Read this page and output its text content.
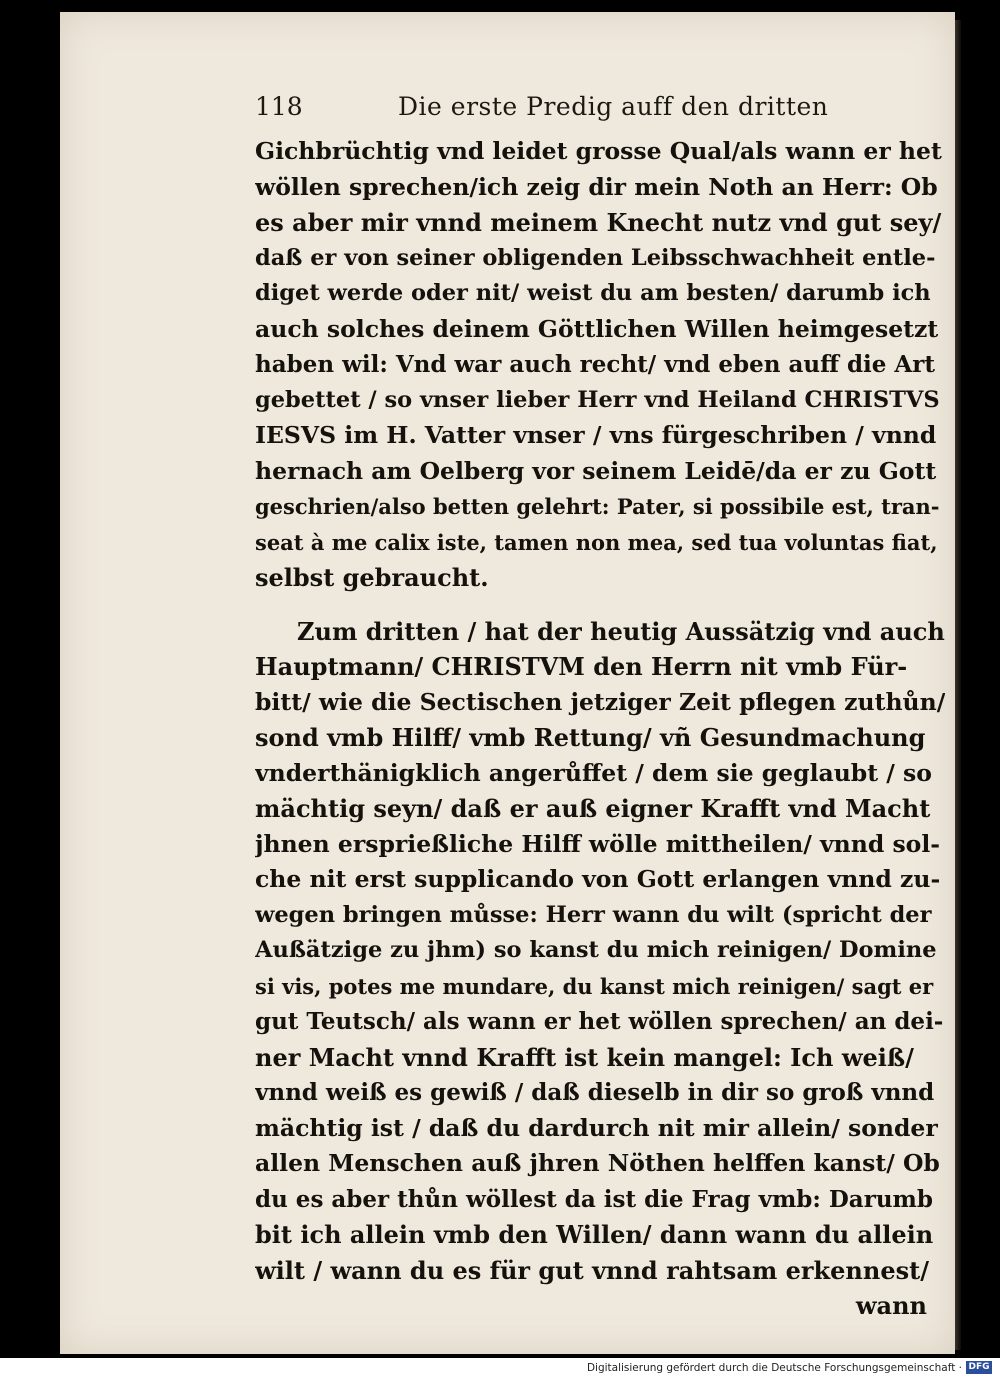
118	Die erste Predig auff den dritten
Gichbrüchtig vnd leidet grosse Qual/als wann er het
wöllen sprechen/ich zeig dir mein Noth an Herr: Ob
es aber mir vnnd meinem Knecht nutz vnd gut sey/
daß er von seiner obligenden Leibsschwachheit entle-
diget werde oder nit/ weist du am besten/ darumb ich
auch solches deinem Göttlichen Willen heimgesetzt
haben wil: Vnd war auch recht/ vnd eben auff die Art
gebettet / so vnser lieber Herr vnd Heiland CHRISTVS
IESVS im H. Vatter vnser / vns fürgeschriben / vnnd
hernach am Oelberg vor seinem Leidē/da er zu Gott
geschrien/also betten gelehrt: Pater, si possibile est, tran-
seat à me calix iste, tamen non mea, sed tua voluntas fiat,
selbst gebraucht.
Zum dritten / hat der heutig Aussätzig vnd auch
Hauptmann/ CHRISTVM den Herrn nit vmb Für-
bitt/ wie die Sectischen jetziger Zeit pflegen zuthůn/
sond vmb Hilff/ vmb Rettung/ vñ Gesundmachung
vnderthänigklich angerůffet / dem sie geglaubt / so
mächtig seyn/ daß er auß eigner Krafft vnd Macht
jhnen ersprießliche Hilff wölle mittheilen/ vnnd sol-
che nit erst supplicando von Gott erlangen vnnd zu-
wegen bringen můsse: Herr wann du wilt (spricht der
Außätzige zu jhm) so kanst du mich reinigen/ Domine
si vis, potes me mundare, du kanst mich reinigen/ sagt er
gut Teutsch/ als wann er het wöllen sprechen/ an dei-
ner Macht vnnd Krafft ist kein mangel: Ich weiß/
vnnd weiß es gewiß / daß dieselb in dir so groß vnnd
mächtig ist / daß du dardurch nit mir allein/ sonder
allen Menschen auß jhren Nöthen helffen kanst/ Ob
du es aber thůn wöllest da ist die Frag vmb: Darumb
bit ich allein vmb den Willen/ dann wann du allein
wilt / wann du es für gut vnnd rahtsam erkennest/
wann
Digitalisierung gefördert durch die Deutsche Forschungsgemeinschaft · DFG
